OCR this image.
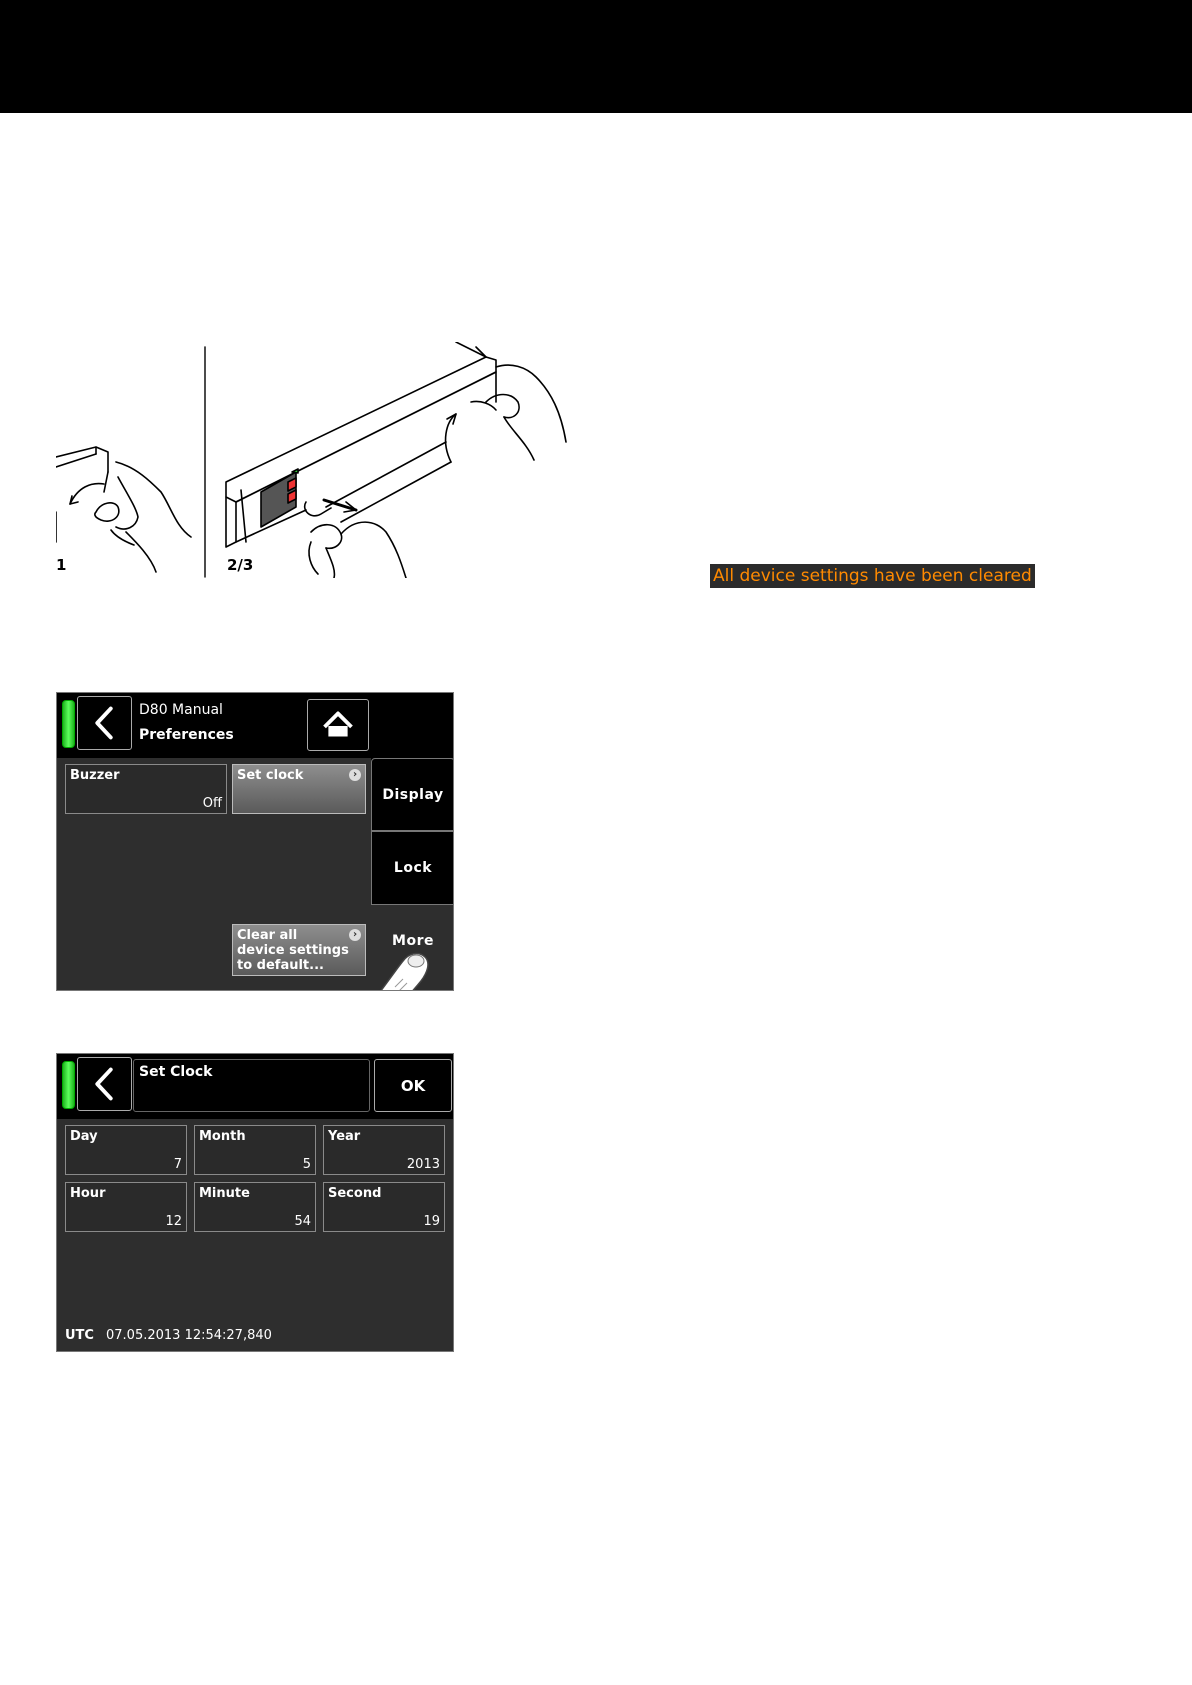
1	2/3
All device settings have been cleared
D80 Manual
Preferences
Buzzer
Off
Set clock	›
Clear all device settings to default...
›
Display
Lock
More
Set Clock
OK
Day
7
Month
5
Year
2013
Hour
12
Minute
54
Second
19
UTC 07.05.2013 12:54:27,840
